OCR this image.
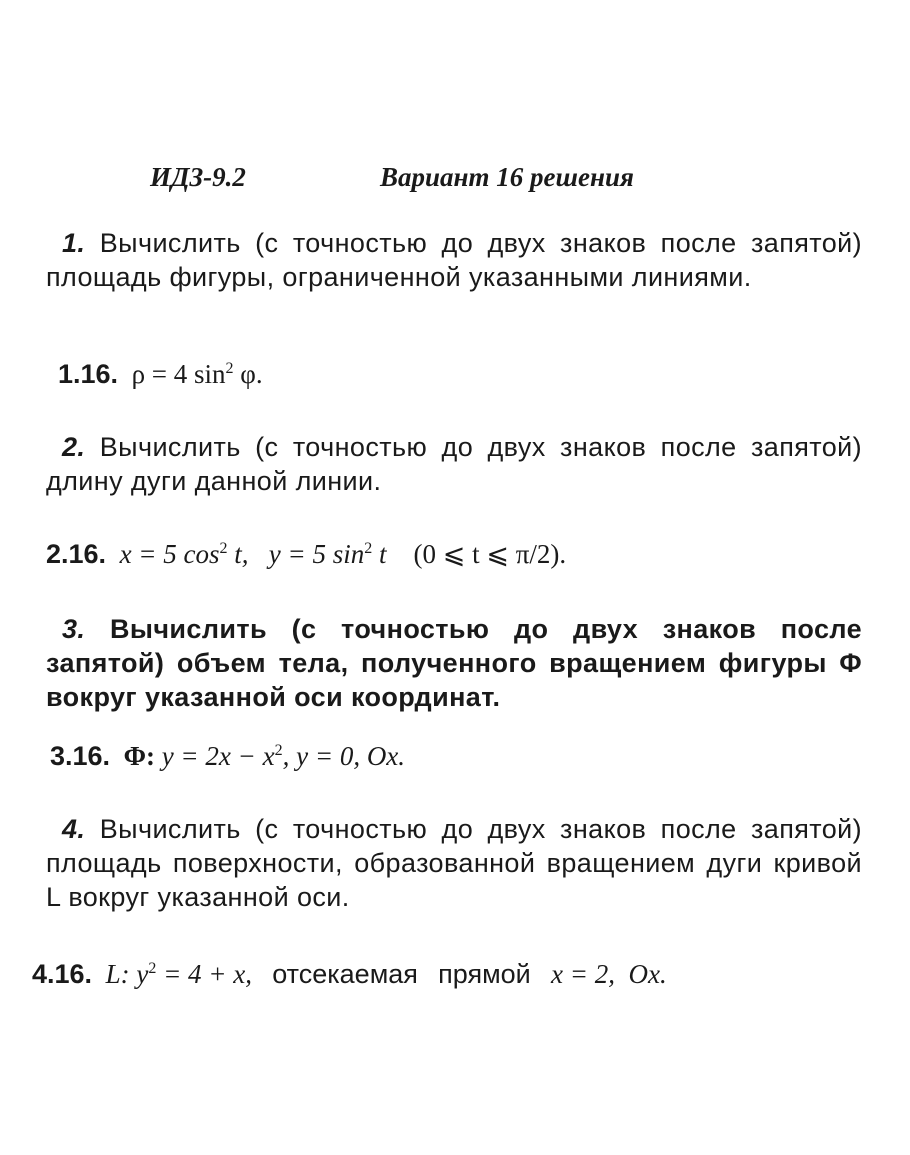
ИДЗ-9.2	Вариант 16 решения
1. Вычислить (с точностью до двух знаков после запятой) площадь фигуры, ограниченной указанными линиями.
1.16. ρ = 4 $\sin^2 \varphi$.
2. Вычислить (с точностью до двух знаков после запятой) длину дуги данной линии.
2.16. x = 5 $\cos^2 t$, y = 5 $\sin^2 t$ (0 ⩽ t ⩽ π/2).
3. Вычислить (с точностью до двух знаков после запятой) объем тела, полученного вращением фигуры Φ вокруг указанной оси координат.
3.16. Φ: $y = 2x - x^2$, y = 0, Ox.
4. Вычислить (с точностью до двух знаков после запятой) площадь поверхности, образованной вращением дуги кривой L вокруг указанной оси.
4.16. L: $y^2 = 4 + x$, отсекаемая прямой x = 2, Ox.
